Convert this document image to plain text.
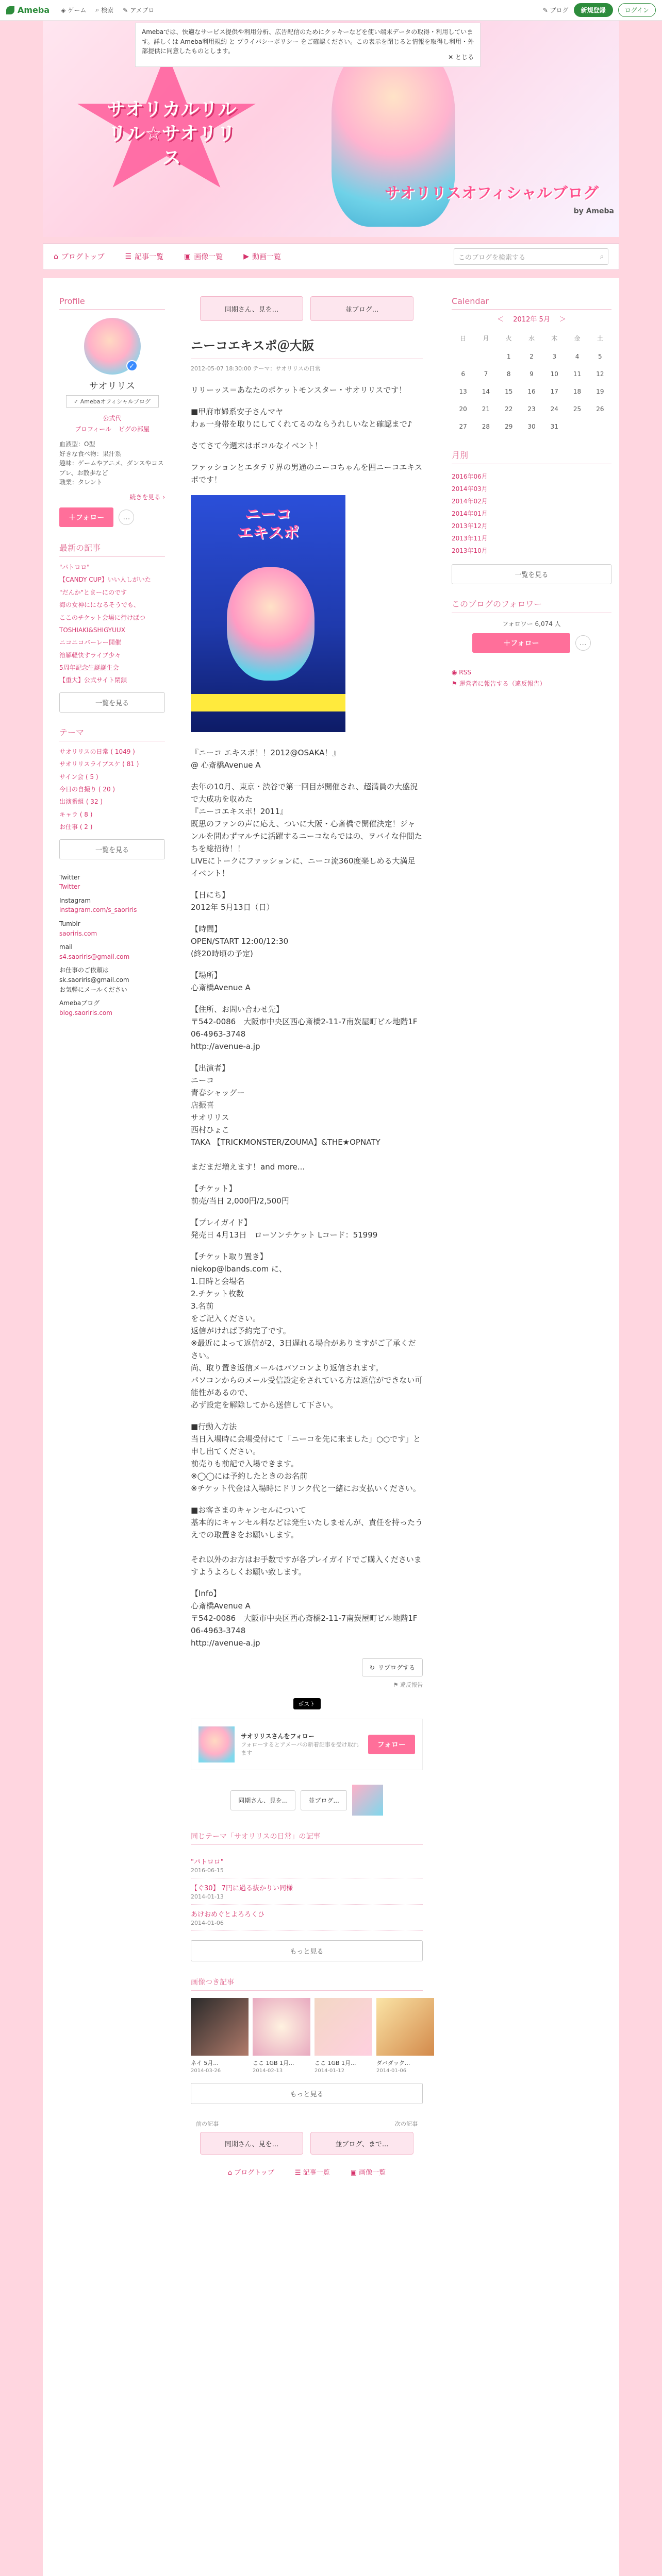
Ameba ◈ ゲーム ⌕ 検索 ✎ アメブロ	✎ ブログ	新規登録	ログイン
Amebaでは、快適なサービス提供や利用分析、広告配信のためにクッキーなどを使い端末データの取得・利用しています。詳しくは Ameba利用規約 と プライバシーポリシー をご確認ください。この表示を閉じると情報を取得し利用・外部提供に同意したものとします。
✕ とじる
サオリカルリルリル☆サオリリス
サオリリスオフィシャルブログ
by Ameba
⌂ ブログトップ	☰ 記事一覧	▣ 画像一覧	▶ 動画一覧	このブログを検索する	⌕
Profile
✓
サオリリス
✓ Amebaオフィシャルブログ
公式代
プロフィール ピグの部屋
血液型：O型
好きな食べ物：果汁系
趣味：ゲームやアニメ、ダンスやコスプレ、お散歩など
職業：タレント
続きを見る ›
＋フォロー	…
最新の記事
"パトロロ"
【CANDY CUP】いい人しがいた
"だんか"とまーにのです
海の女神にになるそうでも、
ここのチケット会場に行けばつ
TOSHIAKI&SHIGYUUX
ニコニコバーレー開催
溶解軽快すライブ少々
5周年記念生誕誕生会
【重大】公式サイト閉鎖
一覧を見る
テーマ
サオリリスの日常 ( 1049 )
サオリリスライブスケ ( 81 )
サイン会 ( 5 )
今日の自撮り ( 20 )
出演番組 ( 32 )
キャラ ( 8 )
お仕事 ( 2 )
一覧を見る
Twitter
Twitter
Instagram
instagram.com/s_saoriris
Tumblr
saoriris.com
mail
s4.saoriris@gmail.com
お仕事のご依頼は
sk.saoriris@gmail.com
お気軽にメールください
Amebaブログ
blog.saoriris.com
同期さん、見を...	並ブログ...
ニーコエキスポ＠大阪
2012-05-07 18:30:00 テーマ：サオリリスの日常

リリーッス＝あなたのポケットモンスター・サオリリスです！

■甲府市婦系安子さんマヤ
わぁ一身帯を取りにしてくれてるのならうれしいなと確認まで♪

さてさて今週末はボコルなイベント！

ファッションとエタテリ界の男通のニーコちゃんを囲ニーコエキスポです！

ニーコ
エキスポ

『ニーコ エキスポ！！2012@OSAKA！』
@ 心斎橋Avenue A

去年の10月、東京・渋谷で第一回目が開催され、超満員の大盛況で大成功を収めた
『ニーコエキスポ！2011』
既思のファンの声に応え、ついに大阪・心斎橋で開催決定！ジャンルを問わずマルチに活躍するニーコならではの、ヲバイな仲間たちを総招待！！
LIVEにトークにファッションに、ニーコ流360度楽しめる大満足イベント！

【日にち】
2012年 5月13日（日）

【時間】
OPEN/START 12:00/12:30
(終20時頃の予定)

【場所】
心斎橋Avenue A

【住所、お問い合わせ先】
〒542-0086　大阪市中央区西心斎橋2-11-7南炭屋町ビル地階1F
06-4963-3748
http://avenue-a.jp

【出演者】
ニーコ
青春シャッグー
店振喜
サオリリス
西村ひょこ
TAKA 【TRICKMONSTER/ZOUMA】&THE★OPNATY

まだまだ増えます！and more...

【チケット】
前売/当日 2,000円/2,500円

【プレイガイド】
発売日 4月13日　ローソンチケット Lコード：51999

【チケット取り置き】
niekop@lbands.com に、
1.日時と会場名
2.チケット枚数
3.名前
をご記入ください。
返信がければ予約完了です。
※最近によって返信が2、3日遅れる場合がありますがご了承ください。
尚、取り置き返信メールはパソコンより返信されます。
パソコンからのメール受信設定をされている方は返信ができない可能性があるので、
必ず設定を解除してから送信して下さい。

■行動入方法
当日入場時に会場受付にて「ニーコを先に来ました」○○です」と申し出てください。
前売りも前記で入場できます。
※◯◯には予約したときのお名前
※チケット代金は入場時にドリンク代と一緒にお支払いください。

■お客さまのキャンセルについて
基本的にキャンセル料などは発生いたしませんが、責任を持ったうえでの取置きをお願いします。

それ以外のお方はお手数ですが各プレイガイドでご購入くださいますようよろしくお願い致します。

【Info】
心斎橋Avenue A
〒542-0086　大阪市中央区西心斎橋2-11-7南炭屋町ビル地階1F
06-4963-3748
http://avenue-a.jp

↻ リブログする
⚑ 違反報告
ポスト
サオリリスさんをフォロー
フォローするとアメーバの新着記事を受け取れます
フォロー
同期さん、見を...	並ブログ...
同じテーマ「サオリリスの日常」の記事
"パトロロ"
2016-06-15
【ぐ30】 7円に過る抜かりい同様
2014-01-13
あけおめぐとよろろくひ
2014-01-06
もっと見る
画像つき記事
ネイ 5月...
2014-03-26
ここ 1GB 1月...
2014-02-13
ここ 1GB 1月...
2014-01-12
ダバダック...
2014-01-06
もっと見る
前の記事	次の記事
同期さん、見を...	並ブログ、まで...
⌂ ブログトップ	☰ 記事一覧	▣ 画像一覧
Calendar
＜ 2012年 5月 ＞
日	月	火	水	木	金	土
		1	2	3	4	5
6	7	8	9	10	11	12
13	14	15	16	17	18	19
20	21	22	23	24	25	26
27	28	29	30	31		
月別
2016年06月
2014年03月
2014年02月
2014年01月
2013年12月
2013年11月
2013年10月
一覧を見る
このブログのフォロワー
フォロワー 6,074 人
＋フォロー	…
◉ RSS
⚑ 運営者に報告する（違反報告）
